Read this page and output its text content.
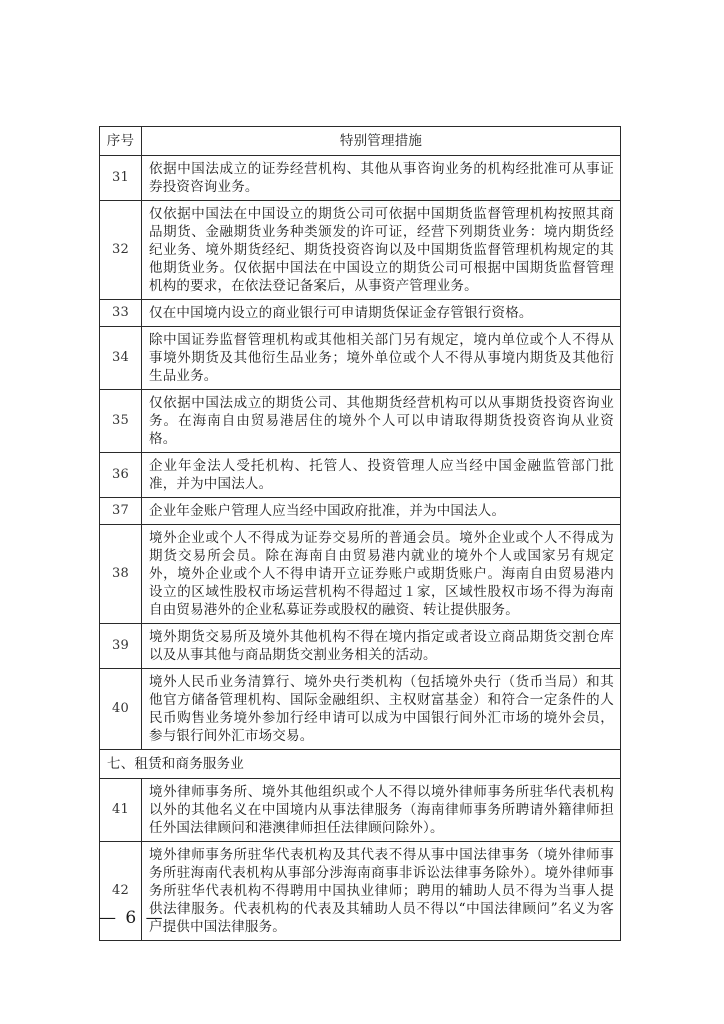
序号	特别管理措施
31	依据中国法成立的证券经营机构、其他从事咨询业务的机构经批准可从事证券投资咨询业务。
32	仅依据中国法在中国设立的期货公司可依据中国期货监督管理机构按照其商品期货、金融期货业务种类颁发的许可证，经营下列期货业务：境内期货经纪业务、境外期货经纪、期货投资咨询以及中国期货监督管理机构规定的其他期货业务。仅依据中国法在中国设立的期货公司可根据中国期货监督管理机构的要求，在依法登记备案后，从事资产管理业务。
33	仅在中国境内设立的商业银行可申请期货保证金存管银行资格。
34	除中国证券监督管理机构或其他相关部门另有规定，境内单位或个人不得从事境外期货及其他衍生品业务；境外单位或个人不得从事境内期货及其他衍生品业务。
35	仅依据中国法成立的期货公司、其他期货经营机构可以从事期货投资咨询业务。在海南自由贸易港居住的境外个人可以申请取得期货投资咨询从业资格。
36	企业年金法人受托机构、托管人、投资管理人应当经中国金融监管部门批准，并为中国法人。
37	企业年金账户管理人应当经中国政府批准，并为中国法人。
38	境外企业或个人不得成为证券交易所的普通会员。境外企业或个人不得成为期货交易所会员。除在海南自由贸易港内就业的境外个人或国家另有规定外，境外企业或个人不得申请开立证券账户或期货账户。海南自由贸易港内设立的区域性股权市场运营机构不得超过１家，区域性股权市场不得为海南自由贸易港外的企业私募证券或股权的融资、转让提供服务。
39	境外期货交易所及境外其他机构不得在境内指定或者设立商品期货交割仓库以及从事其他与商品期货交割业务相关的活动。
40	境外人民币业务清算行、境外央行类机构（包括境外央行（货币当局）和其他官方储备管理机构、国际金融组织、主权财富基金）和符合一定条件的人民币购售业务境外参加行经申请可以成为中国银行间外汇市场的境外会员，参与银行间外汇市场交易。
七、租赁和商务服务业	
41	境外律师事务所、境外其他组织或个人不得以境外律师事务所驻华代表机构以外的其他名义在中国境内从事法律服务（海南律师事务所聘请外籍律师担任外国法律顾问和港澳律师担任法律顾问除外）。
42	境外律师事务所驻华代表机构及其代表不得从事中国法律事务（境外律师事务所驻海南代表机构从事部分涉海南商事非诉讼法律事务除外）。境外律师事务所驻华代表机构不得聘用中国执业律师；聘用的辅助人员不得为当事人提供法律服务。代表机构的代表及其辅助人员不得以“中国法律顾问”名义为客户提供中国法律服务。
— 6 —
